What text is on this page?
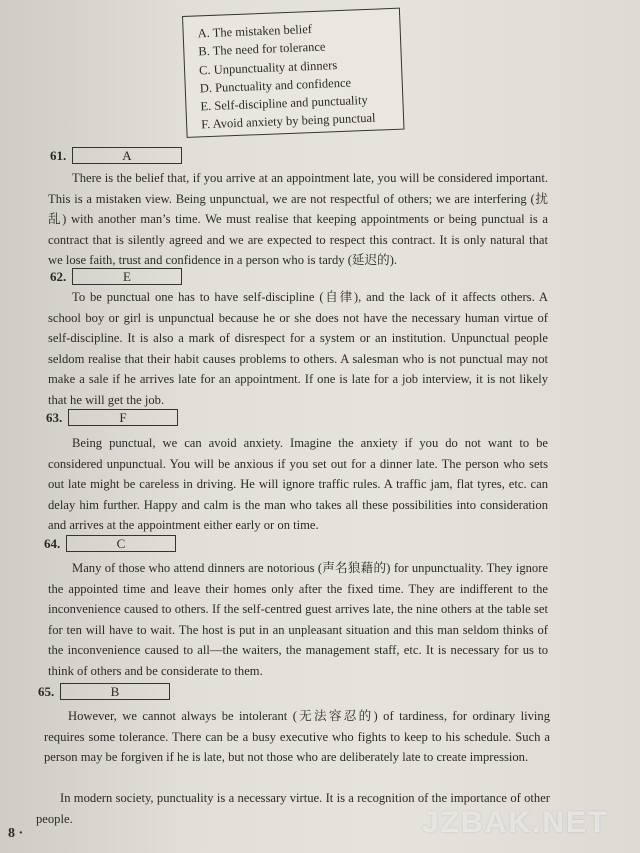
A. The mistaken belief
B. The need for tolerance
C. Unpunctuality at dinners
D. Punctuality and confidence
E. Self-discipline and punctuality
F. Avoid anxiety by being punctual
61.	A

There is the belief that, if you arrive at an appointment late, you will be considered important. This is a mistaken view. Being unpunctual, we are not respectful of others; we are interfering (扰乱) with another man’s time. We must realise that keeping appointments or being punctual is a contract that is silently agreed and we are expected to respect this contract. It is only natural that we lose faith, trust and confidence in a person who is tardy (延迟的).

62.	E

To be punctual one has to have self-discipline (自律), and the lack of it affects others. A school boy or girl is unpunctual because he or she does not have the necessary human virtue of self-discipline. It is also a mark of disrespect for a system or an institution. Unpunctual people seldom realise that their habit causes problems to others. A salesman who is not punctual may not make a sale if he arrives late for an appointment. If one is late for a job interview, it is not likely that he will get the job.

63.	F

Being punctual, we can avoid anxiety. Imagine the anxiety if you do not want to be considered unpunctual. You will be anxious if you set out for a dinner late. The person who sets out late might be careless in driving. He will ignore traffic rules. A traffic jam, flat tyres, etc. can delay him further. Happy and calm is the man who takes all these possibilities into consideration and arrives at the appointment either early or on time.

64.	C

Many of those who attend dinners are notorious (声名狼藉的) for unpunctuality. They ignore the appointed time and leave their homes only after the fixed time. They are indifferent to the inconvenience caused to others. If the self-centred guest arrives late, the nine others at the table set for ten will have to wait. The host is put in an unpleasant situation and this man seldom thinks of the inconvenience caused to all—the waiters, the management staff, etc. It is necessary for us to think of others and be considerate to them.

65.	B

However, we cannot always be intolerant (无法容忍的) of tardiness, for ordinary living requires some tolerance. There can be a busy executive who fights to keep to his schedule. Such a person may be forgiven if he is late, but not those who are deliberately late to create impression.

In modern society, punctuality is a necessary virtue. It is a recognition of the importance of other people.

8 ·	JZBAK.NET
